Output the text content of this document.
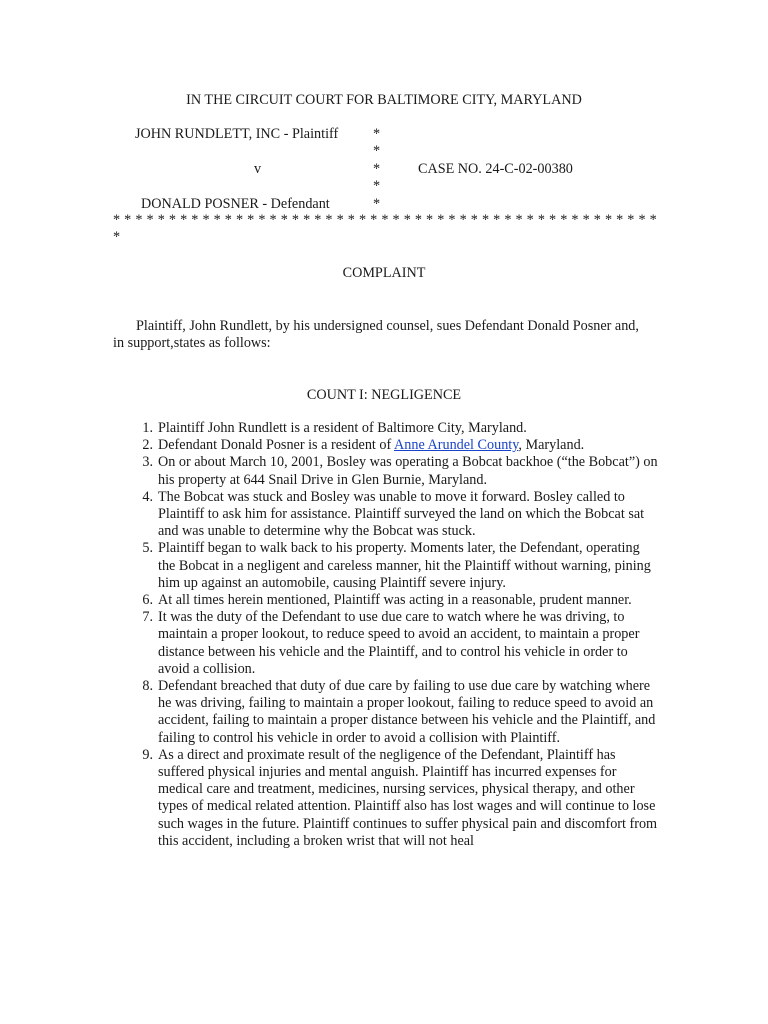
IN THE CIRCUIT COURT FOR BALTIMORE CITY, MARYLAND
JOHN RUNDLETT, INC - Plaintiff *
*
v	*	CASE NO. 24-C-02-00380
*
DONALD POSNER - Defendant	*
* * * * * * * * * * * * * * * * * * * * * * * * * * * * * * * * * * * * * * * * * * * * * * * * *
*
COMPLAINT

Plaintiff, John Rundlett, by his undersigned counsel, sues Defendant Donald Posner and, in support,states as follows:

COUNT I: NEGLIGENCE
1 . Plaintiff John Rundlett is a resident of Baltimore City, Maryland.
2 . Defendant Donald Posner is a resident of Anne Arundel County, Maryland.
3 . On or about March 10, 2001, Bosley was operating a Bobcat backhoe (“the Bobcat”) on his property at 644 Snail Drive in Glen Burnie, Maryland.
4 . The Bobcat was stuck and Bosley was unable to move it forward. Bosley called to Plaintiff to ask him for assistance. Plaintiff surveyed the land on which the Bobcat sat and was unable to determine why the Bobcat was stuck.
5 . Plaintiff began to walk back to his property. Moments later, the Defendant, operating the Bobcat in a negligent and careless manner, hit the Plaintiff without warning, pining him up against an automobile, causing Plaintiff severe injury.
6 . At all times herein mentioned, Plaintiff was acting in a reasonable, prudent manner.
7 . It was the duty of the Defendant to use due care to watch where he was driving, to maintain a proper lookout, to reduce speed to avoid an accident, to maintain a proper distance between his vehicle and the Plaintiff, and to control his vehicle in order to avoid a collision.
8 . Defendant breached that duty of due care by failing to use due care by watching where he was driving, failing to maintain a proper lookout, failing to reduce speed to avoid an accident, failing to maintain a proper distance between his vehicle and the Plaintiff, and failing to control his vehicle in order to avoid a collision with Plaintiff.
9 . As a direct and proximate result of the negligence of the Defendant, Plaintiff has suffered physical injuries and mental anguish. Plaintiff has incurred expenses for medical care and treatment, medicines, nursing services, physical therapy, and other types of medical related attention. Plaintiff also has lost wages and will continue to lose such wages in the future. Plaintiff continues to suffer physical pain and discomfort from this accident, including a broken wrist that will not heal
